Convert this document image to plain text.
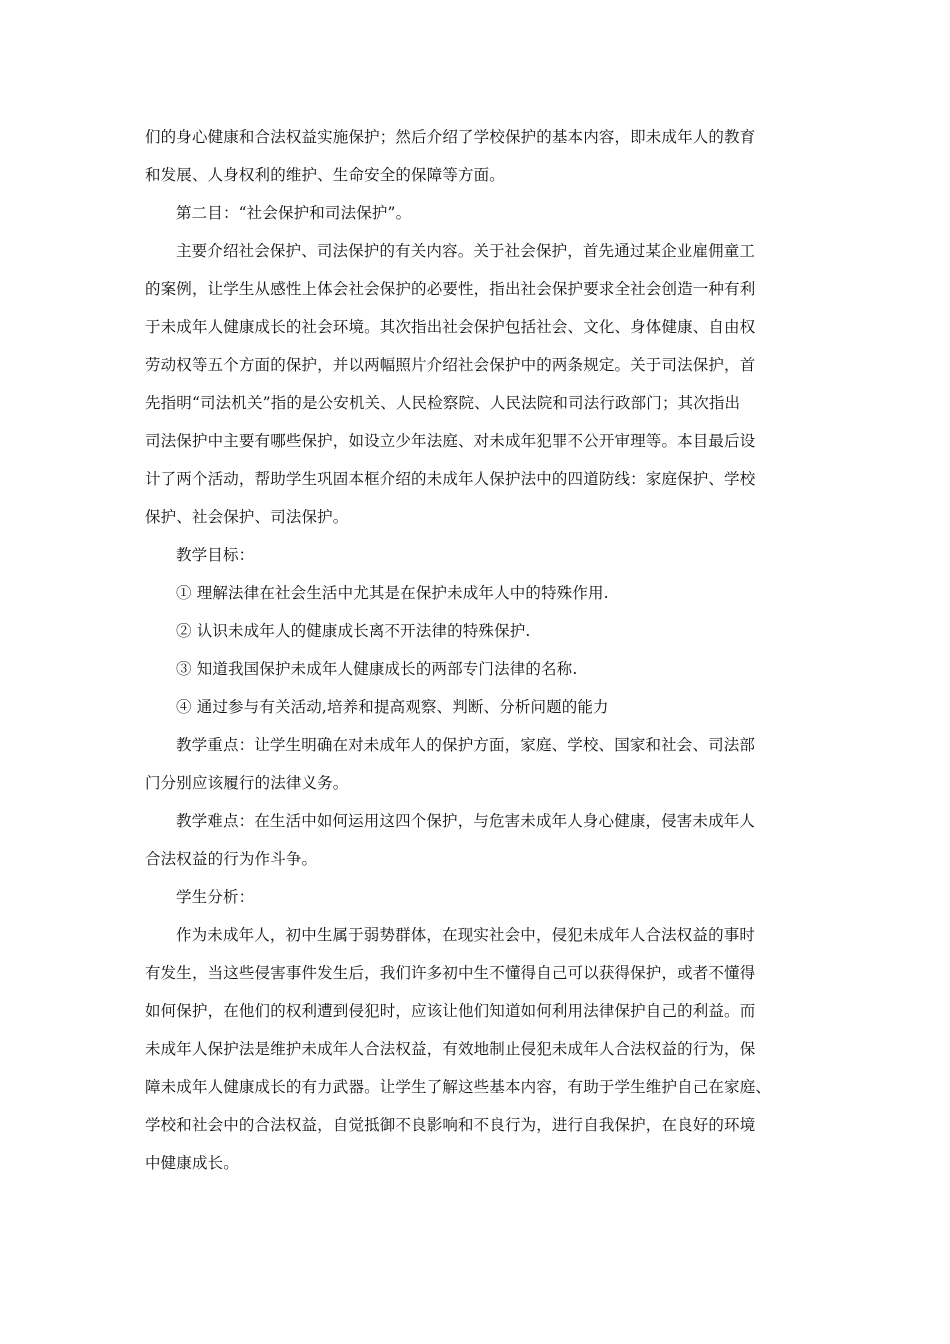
们的身心健康和合法权益实施保护；然后介绍了学校保护的基本内容，即未成年人的教育
和发展、人身权利的维护、生命安全的保障等方面。
第二目：“社会保护和司法保护”。
主要介绍社会保护、司法保护的有关内容。关于社会保护，首先通过某企业雇佣童工
的案例，让学生从感性上体会社会保护的必要性，指出社会保护要求全社会创造一种有利
于未成年人健康成长的社会环境。其次指出社会保护包括社会、文化、身体健康、自由权
劳动权等五个方面的保护，并以两幅照片介绍社会保护中的两条规定。关于司法保护，首
先指明“司法机关”指的是公安机关、人民检察院、人民法院和司法行政部门；其次指出
司法保护中主要有哪些保护，如设立少年法庭、对未成年犯罪不公开审理等。本目最后设
计了两个活动，帮助学生巩固本框介绍的未成年人保护法中的四道防线：家庭保护、学校
保护、社会保护、司法保护。
教学目标：
① 理解法律在社会生活中尤其是在保护未成年人中的特殊作用.
② 认识未成年人的健康成长离不开法律的特殊保护.
③ 知道我国保护未成年人健康成长的两部专门法律的名称.
④ 通过参与有关活动,培养和提高观察、判断、分析问题的能力
教学重点：让学生明确在对未成年人的保护方面，家庭、学校、国家和社会、司法部
门分别应该履行的法律义务。
教学难点：在生活中如何运用这四个保护，与危害未成年人身心健康，侵害未成年人
合法权益的行为作斗争。
学生分析：
作为未成年人，初中生属于弱势群体，在现实社会中，侵犯未成年人合法权益的事时
有发生，当这些侵害事件发生后，我们许多初中生不懂得自己可以获得保护，或者不懂得
如何保护，在他们的权利遭到侵犯时，应该让他们知道如何利用法律保护自己的利益。而
未成年人保护法是维护未成年人合法权益，有效地制止侵犯未成年人合法权益的行为，保
障未成年人健康成长的有力武器。让学生了解这些基本内容，有助于学生维护自己在家庭、
学校和社会中的合法权益，自觉抵御不良影响和不良行为，进行自我保护，在良好的环境
中健康成长。
